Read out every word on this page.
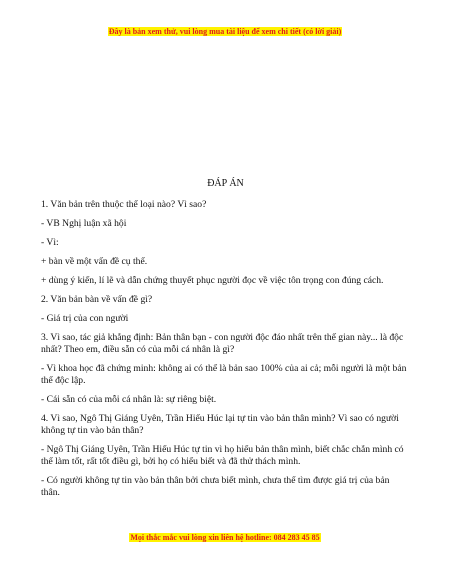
Đây là bản xem thử, vui lòng mua tài liệu để xem chi tiết (có lời giải)
ĐÁP ÁN

1. Văn bản trên thuộc thể loại nào? Vì sao?

- VB Nghị luận xã hội

- Vì:

+ bàn về một vấn đề cụ thể.

+ dùng ý kiến, lí lẽ và dẫn chứng thuyết phục người đọc về việc tôn trọng con đúng cách.

2. Văn bản bàn về vấn đề gì?

- Giá trị của con người

3. Vì sao, tác giả khẳng định: Bản thân bạn - con người độc đáo nhất trên thế gian này... là độc nhất? Theo em, điều sẵn có của mỗi cá nhân là gì?

- Vì khoa học đã chứng minh: không ai có thể là bản sao 100% của ai cả; mỗi người là một bản thể độc lập.

- Cái sẵn có của mỗi cá nhân là: sự riêng biệt.

4. Vì sao, Ngô Thị Giáng Uyên, Trần Hiếu Húc lại tự tin vào bản thân mình? Vì sao có người không tự tin vào bản thân?

- Ngô Thị Giáng Uyên, Trần Hiếu Húc tự tin vì họ hiểu bản thân mình, biết chắc chắn mình có thể làm tốt, rất tốt điều gì, bởi họ có hiểu biết và đã thử thách mình.

- Có người không tự tin vào bản thân bởi chưa biết mình, chưa thể tìm được giá trị của bản thân.

Mọi thắc mắc vui lòng xin liên hệ hotline: 084 283 45 85
